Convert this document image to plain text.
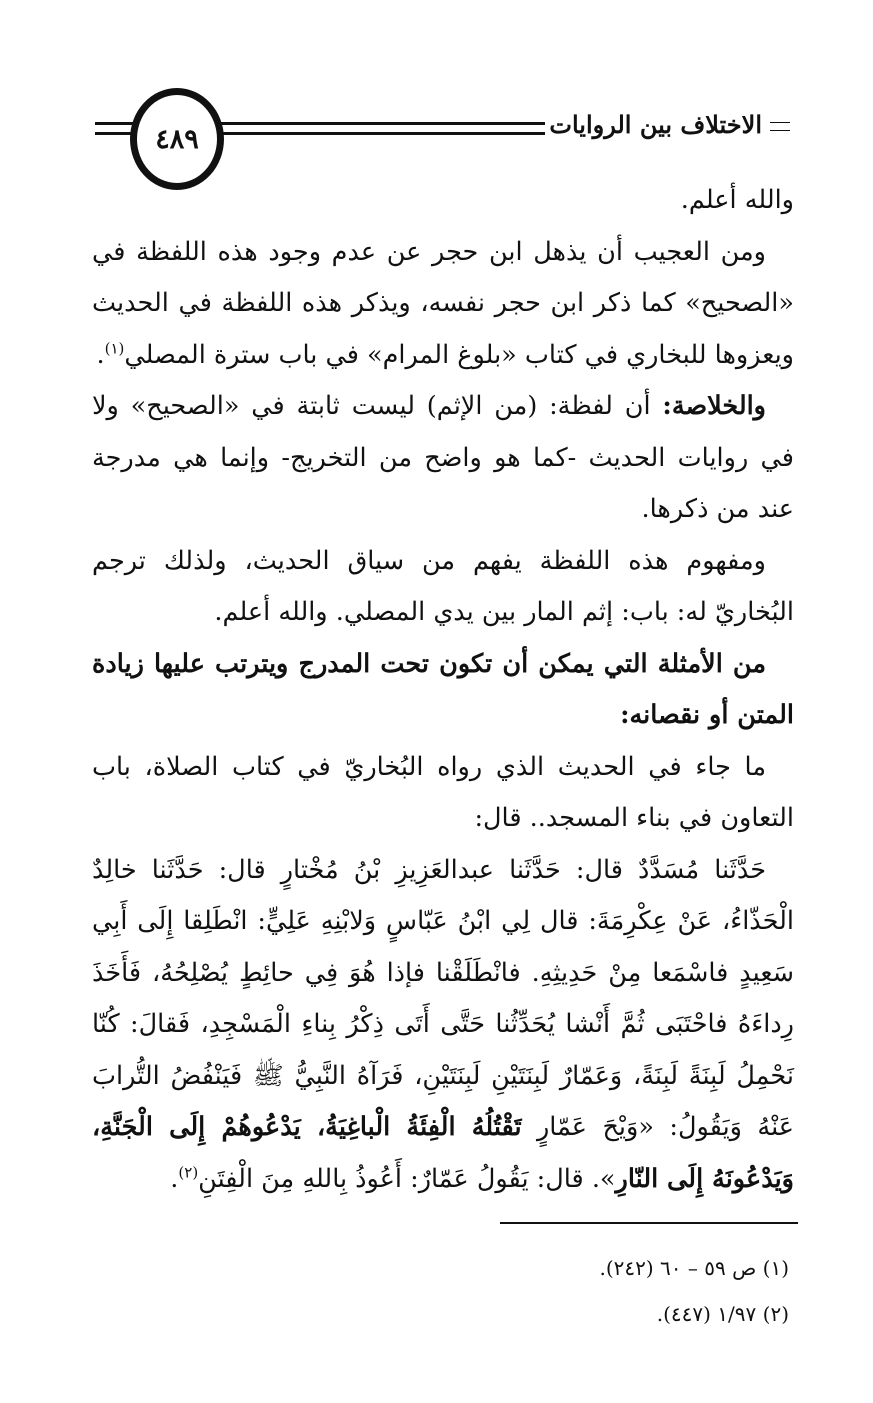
٤٨٩	الاختلاف بين الروايات

والله أعلم.

ومن العجيب أن يذهل ابن حجر عن عدم وجود هذه اللفظة في «الصحيح» كما ذكر ابن حجر نفسه، ويذكر هذه اللفظة في الحديث ويعزوها للبخاري في كتاب «بلوغ المرام» في باب سترة المصلي$^{(١)}$.

والخلاصة: أن لفظة: (من الإثم) ليست ثابتة في «الصحيح» ولا في روايات الحديث -كما هو واضح من التخريج- وإنما هي مدرجة عند من ذكرها.

ومفهوم هذه اللفظة يفهم من سياق الحديث، ولذلك ترجم البُخاريّ له: باب: إثم المار بين يدي المصلي. والله أعلم.

من الأمثلة التي يمكن أن تكون تحت المدرج ويترتب عليها زيادة المتن أو نقصانه:

ما جاء في الحديث الذي رواه البُخاريّ في كتاب الصلاة، باب التعاون في بناء المسجد.. قال:

حَدَّثَنا مُسَدَّدٌ قال: حَدَّثَنا عبدالعَزِيزِ بْنُ مُخْتارٍ قال: حَدَّثَنا خالِدٌ الْحَذّاءُ، عَنْ عِكْرِمَةَ: قال لِي ابْنُ عَبّاسٍ وَلابْنِهِ عَلِيٍّ: انْطَلِقا إِلَى أَبِي سَعِيدٍ فاسْمَعا مِنْ حَدِيثِهِ. فانْطَلَقْنا فإذا هُوَ فِي حائِطٍ يُصْلِحُهُ، فَأَخَذَ رِداءَهُ فاحْتَبَى ثُمَّ أَنْشا يُحَدِّثُنا حَتَّى أَتَى ذِكْرُ بِناءِ الْمَسْجِدِ، فَقالَ: كُنّا نَحْمِلُ لَبِنَةً لَبِنَةً، وَعَمّارٌ لَبِنَتَيْنِ لَبِنَتَيْنِ، فَرَآهُ النَّبِيُّ ﷺ فَيَنْفُضُ التُّرابَ عَنْهُ وَيَقُولُ: «وَيْحَ عَمّارٍ تَقْتُلُهُ الْفِئَةُ الْباغِيَةُ، يَدْعُوهُمْ إِلَى الْجَنَّةِ، وَيَدْعُونَهُ إِلَى النّارِ». قال: يَقُولُ عَمّارٌ: أَعُوذُ بِاللهِ مِنَ الْفِتَنِ$^{(٢)}$.

(١) ص ٥٩ – ٦٠ (٢٤٢).
(٢) ١/٩٧ (٤٤٧).
